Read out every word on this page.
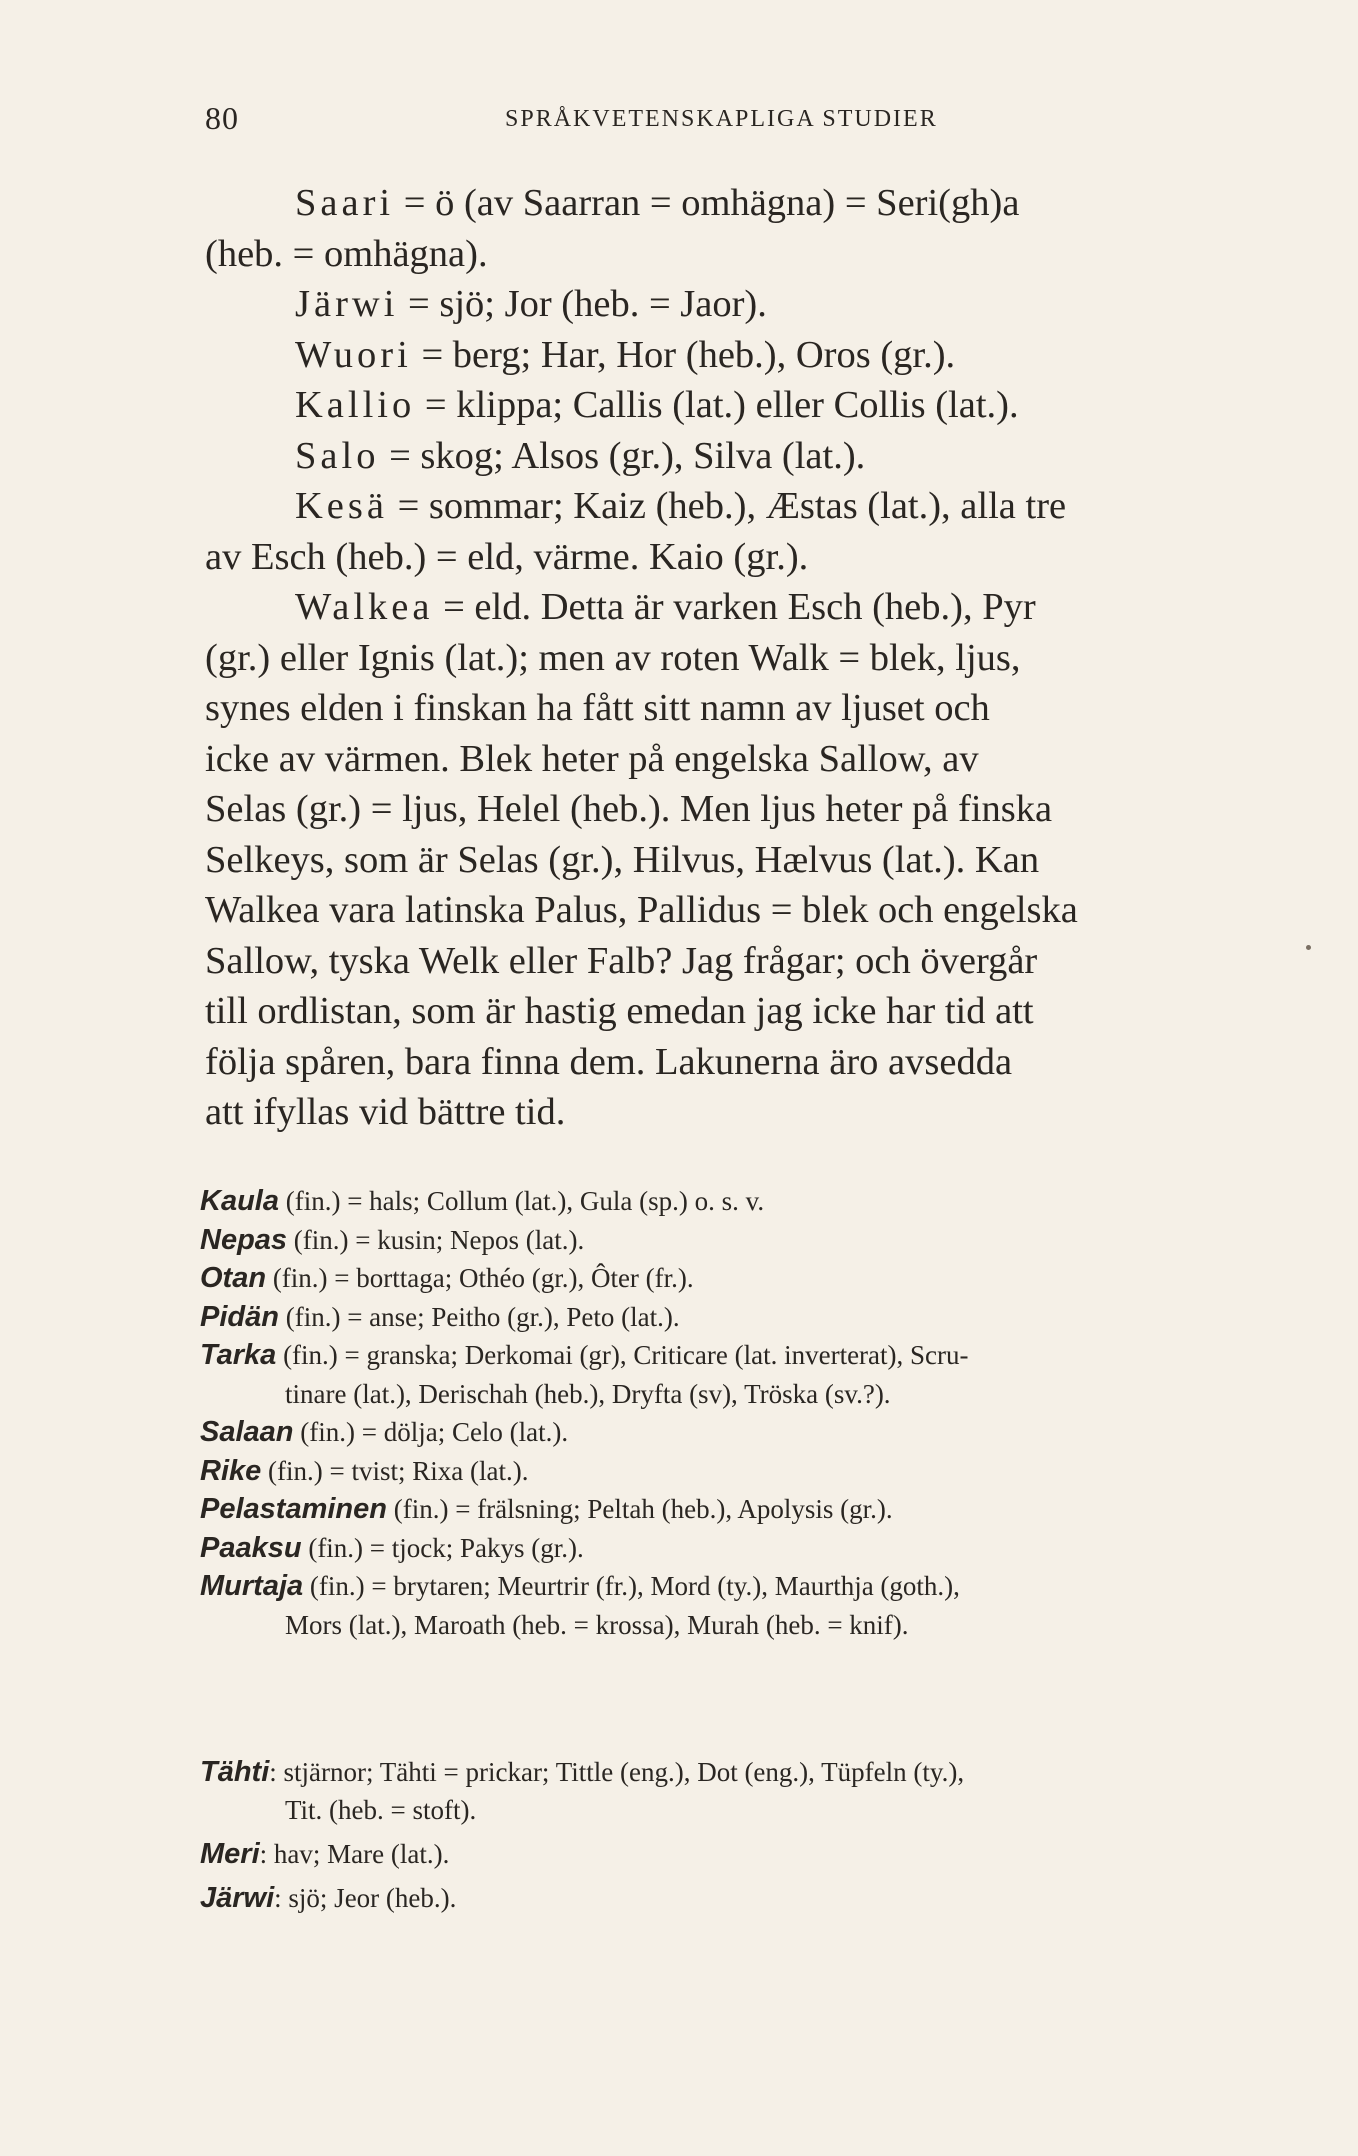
80	SPRÅKVETENSKAPLIGA STUDIER

Saari = ö (av Saarran = omhägna) = Seri(gh)a

(heb. = omhägna).

Järwi = sjö; Jor (heb. = Jaor).

Wuori = berg; Har, Hor (heb.), Oros (gr.).

Kallio = klippa; Callis (lat.) eller Collis (lat.).

Salo = skog; Alsos (gr.), Silva (lat.).

Kesä = sommar; Kaiz (heb.), Æstas (lat.), alla tre

av Esch (heb.) = eld, värme. Kaio (gr.).

Walkea = eld. Detta är varken Esch (heb.), Pyr

(gr.) eller Ignis (lat.); men av roten Walk = blek, ljus,

synes elden i finskan ha fått sitt namn av ljuset och

icke av värmen. Blek heter på engelska Sallow, av

Selas (gr.) = ljus, Helel (heb.). Men ljus heter på finska

Selkeys, som är Selas (gr.), Hilvus, Hælvus (lat.). Kan

Walkea vara latinska Palus, Pallidus = blek och engelska

Sallow, tyska Welk eller Falb? Jag frågar; och övergår

till ordlistan, som är hastig emedan jag icke har tid att

följa spåren, bara finna dem. Lakunerna äro avsedda

att ifyllas vid bättre tid.

Kaula (fin.) = hals; Collum (lat.), Gula (sp.) o. s. v.

Nepas (fin.) = kusin; Nepos (lat.).

Otan (fin.) = borttaga; Othéo (gr.), Ôter (fr.).

Pidän (fin.) = anse; Peitho (gr.), Peto (lat.).

Tarka (fin.) = granska; Derkomai (gr), Criticare (lat. inverterat), Scru-

tinare (lat.), Derischah (heb.), Dryfta (sv), Tröska (sv.?).

Salaan (fin.) = dölja; Celo (lat.).

Rike (fin.) = tvist; Rixa (lat.).

Pelastaminen (fin.) = frälsning; Peltah (heb.), Apolysis (gr.).

Paaksu (fin.) = tjock; Pakys (gr.).

Murtaja (fin.) = brytaren; Meurtrir (fr.), Mord (ty.), Maurthja (goth.),

Mors (lat.), Maroath (heb. = krossa), Murah (heb. = knif).

Tähti: stjärnor; Tähti = prickar; Tittle (eng.), Dot (eng.), Tüpfeln (ty.),

Tit. (heb. = stoft).

Meri: hav; Mare (lat.).

Järwi: sjö; Jeor (heb.).
